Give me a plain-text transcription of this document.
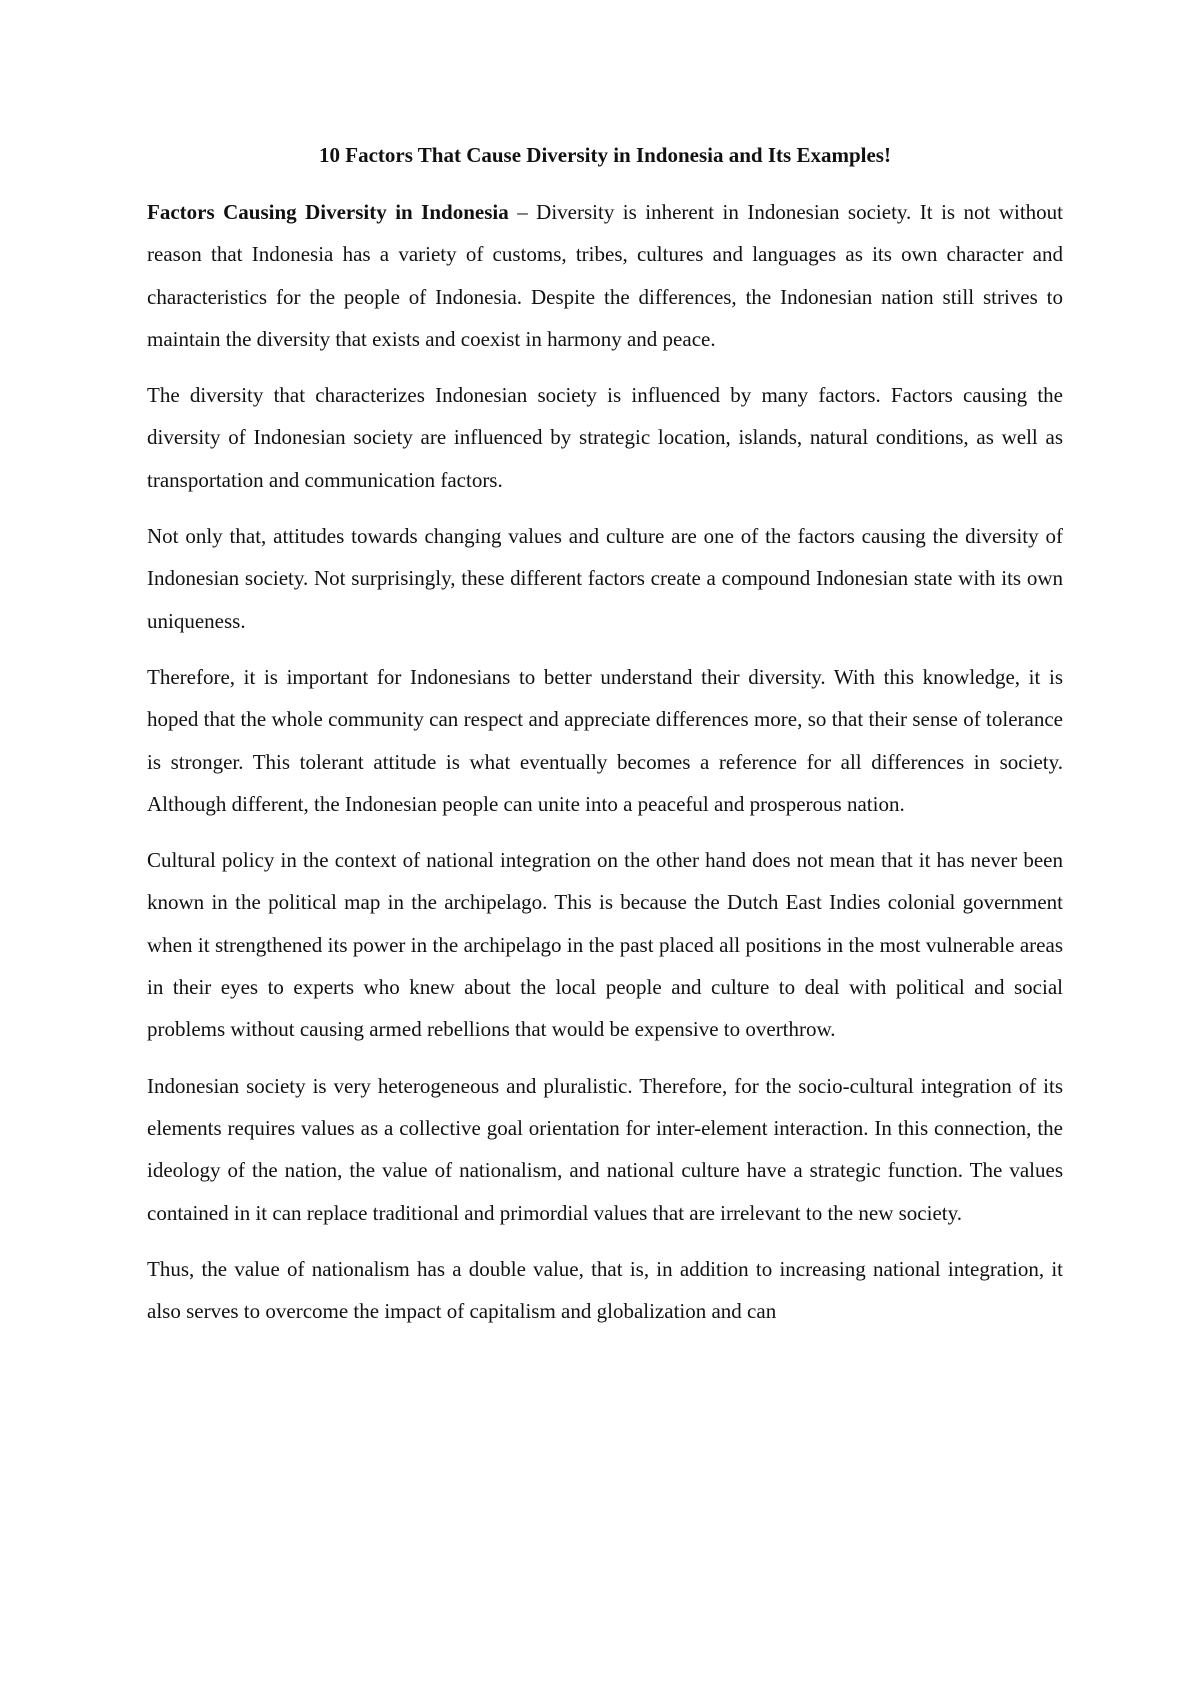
10 Factors That Cause Diversity in Indonesia and Its Examples!

Factors Causing Diversity in Indonesia – Diversity is inherent in Indonesian society. It is not without reason that Indonesia has a variety of customs, tribes, cultures and languages as its own character and characteristics for the people of Indonesia. Despite the differences, the Indonesian nation still strives to maintain the diversity that exists and coexist in harmony and peace.

The diversity that characterizes Indonesian society is influenced by many factors. Factors causing the diversity of Indonesian society are influenced by strategic location, islands, natural conditions, as well as transportation and communication factors.

Not only that, attitudes towards changing values and culture are one of the factors causing the diversity of Indonesian society. Not surprisingly, these different factors create a compound Indonesian state with its own uniqueness.

Therefore, it is important for Indonesians to better understand their diversity. With this knowledge, it is hoped that the whole community can respect and appreciate differences more, so that their sense of tolerance is stronger. This tolerant attitude is what eventually becomes a reference for all differences in society. Although different, the Indonesian people can unite into a peaceful and prosperous nation.

Cultural policy in the context of national integration on the other hand does not mean that it has never been known in the political map in the archipelago. This is because the Dutch East Indies colonial government when it strengthened its power in the archipelago in the past placed all positions in the most vulnerable areas in their eyes to experts who knew about the local people and culture to deal with political and social problems without causing armed rebellions that would be expensive to overthrow.

Indonesian society is very heterogeneous and pluralistic. Therefore, for the socio-cultural integration of its elements requires values as a collective goal orientation for inter-element interaction. In this connection, the ideology of the nation, the value of nationalism, and national culture have a strategic function. The values contained in it can replace traditional and primordial values that are irrelevant to the new society.

Thus, the value of nationalism has a double value, that is, in addition to increasing national integration, it also serves to overcome the impact of capitalism and globalization and can
